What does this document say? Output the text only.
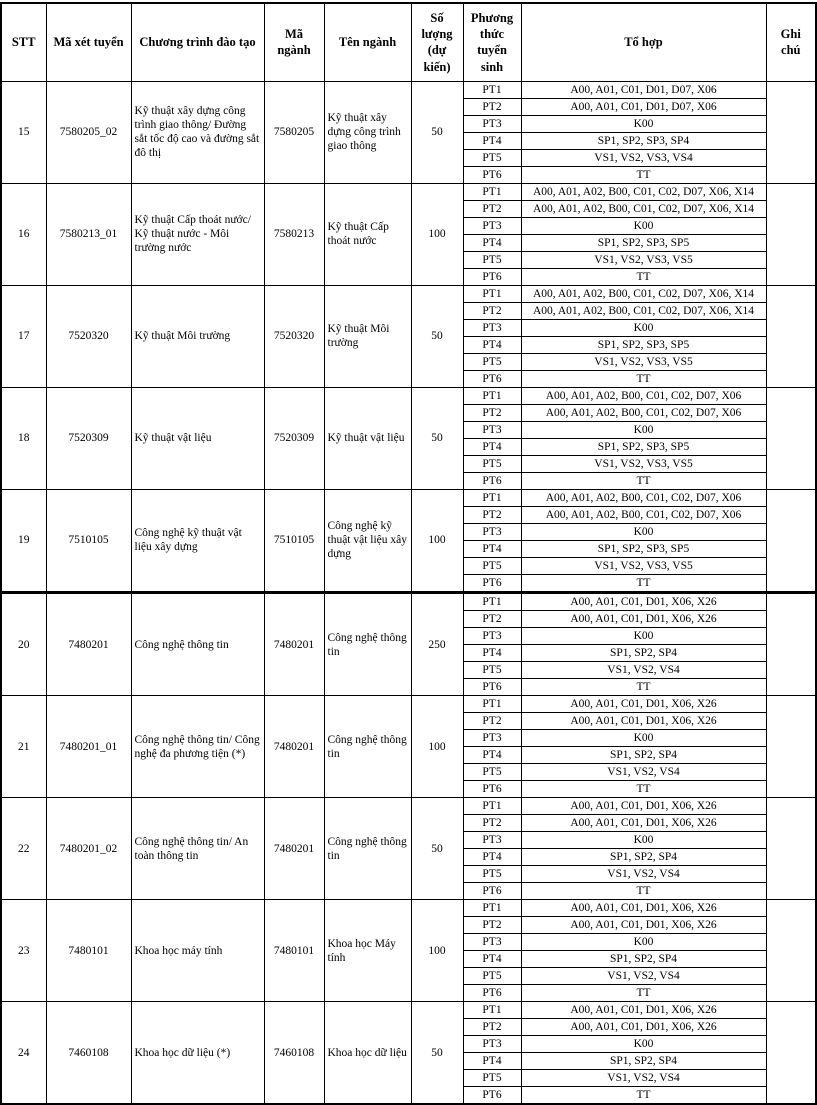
STT	Mã xét tuyển	Chương trình đào tạo	Mã ngành	Tên ngành	Số lượng (dự kiến)	Phương thức tuyển sinh	Tổ hợp	Ghi chú
15	7580205_02	Kỹ thuật xây dựng công trình giao thông/ Đường sắt tốc độ cao và đường sắt đô thị	7580205	Kỹ thuật xây dựng công trình giao thông	50	PT1	A00, A01, C01, D01, D07, X06	
						PT2	A00, A01, C01, D01, D07, X06	
						PT3	K00	
						PT4	SP1, SP2, SP3, SP4	
						PT5	VS1, VS2, VS3, VS4	
						PT6	TT	
16	7580213_01	Kỹ thuật Cấp thoát nước/ Kỹ thuật nước - Môi trường nước	7580213	Kỹ thuật Cấp thoát nước	100	PT1	A00, A01, A02, B00, C01, C02, D07, X06, X14	
						PT2	A00, A01, A02, B00, C01, C02, D07, X06, X14	
						PT3	K00	
						PT4	SP1, SP2, SP3, SP5	
						PT5	VS1, VS2, VS3, VS5	
						PT6	TT	
17	7520320	Kỹ thuật Môi trường	7520320	Kỹ thuật Môi trường	50	PT1	A00, A01, A02, B00, C01, C02, D07, X06, X14	
						PT2	A00, A01, A02, B00, C01, C02, D07, X06, X14	
						PT3	K00	
						PT4	SP1, SP2, SP3, SP5	
						PT5	VS1, VS2, VS3, VS5	
						PT6	TT	
18	7520309	Kỹ thuật vật liệu	7520309	Kỹ thuật vật liệu	50	PT1	A00, A01, A02, B00, C01, C02, D07, X06	
						PT2	A00, A01, A02, B00, C01, C02, D07, X06	
						PT3	K00	
						PT4	SP1, SP2, SP3, SP5	
						PT5	VS1, VS2, VS3, VS5	
						PT6	TT	
19	7510105	Công nghệ kỹ thuật vật liệu xây dựng	7510105	Công nghệ kỹ thuật vật liệu xây dựng	100	PT1	A00, A01, A02, B00, C01, C02, D07, X06	
						PT2	A00, A01, A02, B00, C01, C02, D07, X06	
						PT3	K00	
						PT4	SP1, SP2, SP3, SP5	
						PT5	VS1, VS2, VS3, VS5	
						PT6	TT	
20	7480201	Công nghệ thông tin	7480201	Công nghệ thông tin	250	PT1	A00, A01, C01, D01, X06, X26	
						PT2	A00, A01, C01, D01, X06, X26	
						PT3	K00	
						PT4	SP1, SP2, SP4	
						PT5	VS1, VS2, VS4	
						PT6	TT	
21	7480201_01	Công nghệ thông tin/ Công nghệ đa phương tiện (*)	7480201	Công nghệ thông tin	100	PT1	A00, A01, C01, D01, X06, X26	
						PT2	A00, A01, C01, D01, X06, X26	
						PT3	K00	
						PT4	SP1, SP2, SP4	
						PT5	VS1, VS2, VS4	
						PT6	TT	
22	7480201_02	Công nghệ thông tin/ An toàn thông tin	7480201	Công nghệ thông tin	50	PT1	A00, A01, C01, D01, X06, X26	
						PT2	A00, A01, C01, D01, X06, X26	
						PT3	K00	
						PT4	SP1, SP2, SP4	
						PT5	VS1, VS2, VS4	
						PT6	TT	
23	7480101	Khoa học máy tính	7480101	Khoa học Máy tính	100	PT1	A00, A01, C01, D01, X06, X26	
						PT2	A00, A01, C01, D01, X06, X26	
						PT3	K00	
						PT4	SP1, SP2, SP4	
						PT5	VS1, VS2, VS4	
						PT6	TT	
24	7460108	Khoa học dữ liệu (*)	7460108	Khoa học dữ liệu	50	PT1	A00, A01, C01, D01, X06, X26	
						PT2	A00, A01, C01, D01, X06, X26	
						PT3	K00	
						PT4	SP1, SP2, SP4	
						PT5	VS1, VS2, VS4	
						PT6	TT	
